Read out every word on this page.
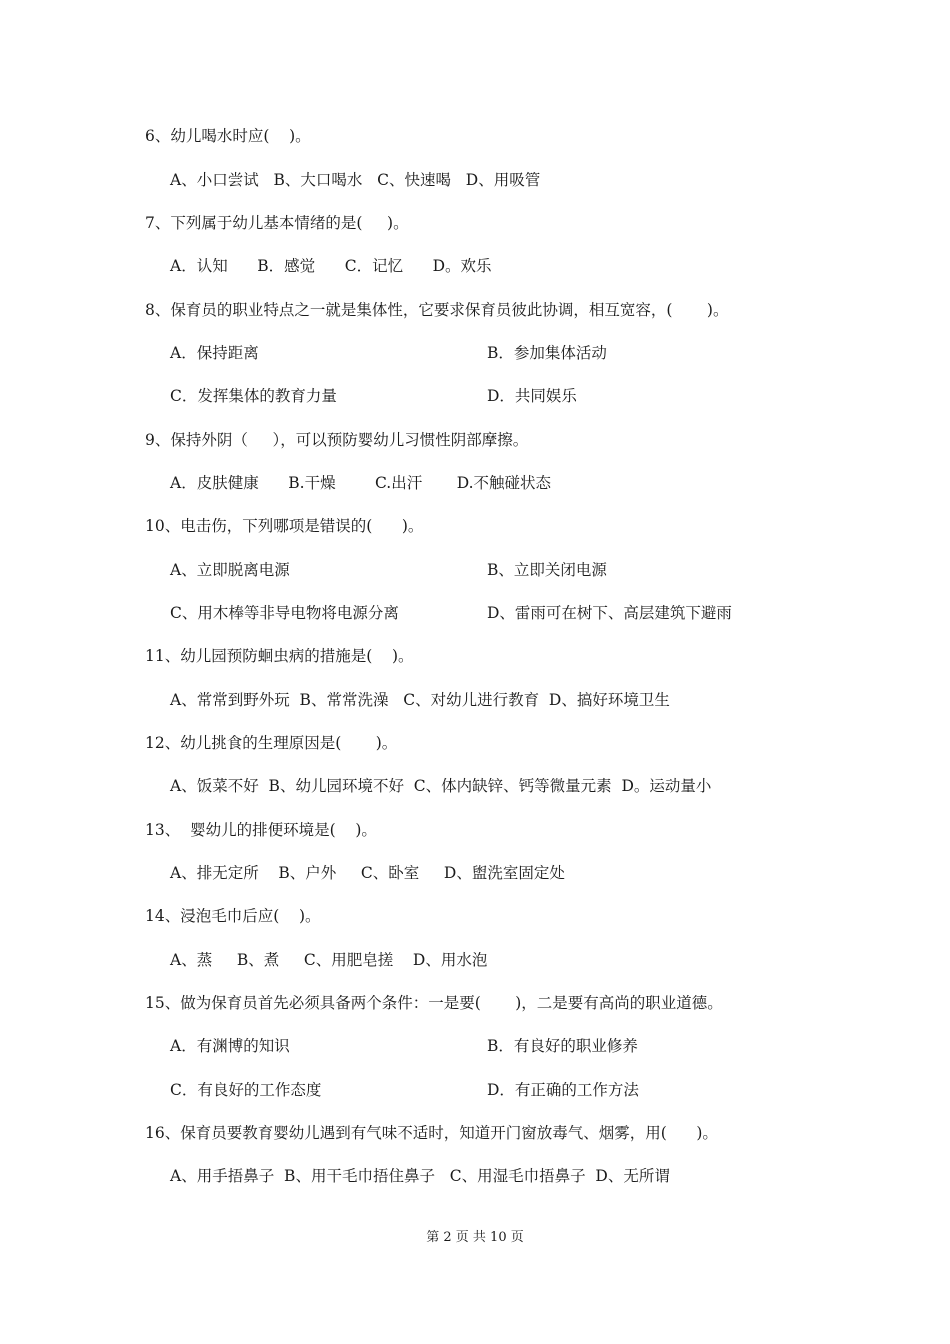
6、幼儿喝水时应(    )。
A、小口尝试   B、大口喝水   C、快速喝   D、用吸管
7、下列属于幼儿基本情绪的是(     )。
A．认知      B．感觉      C．记忆      D。欢乐
8、保育员的职业特点之一就是集体性，它要求保育员彼此协调，相互宽容，(       )。
A．保持距离	B．参加集体活动
C．发挥集体的教育力量	D．共同娱乐
9、保持外阴（     ），可以预防婴幼儿习惯性阴部摩擦。
A．皮肤健康      B.干燥        C.出汗       D.不触碰状态
10、电击伤，下列哪项是错误的(      )。
A、立即脱离电源	B、立即关闭电源
C、用木棒等非导电物将电源分离	D、雷雨可在树下、高层建筑下避雨
11、幼儿园预防蛔虫病的措施是(    )。
A、常常到野外玩  B、常常洗澡   C、对幼儿进行教育  D、搞好环境卫生
12、幼儿挑食的生理原因是(       )。
A、饭菜不好  B、幼儿园环境不好  C、体内缺锌、钙等微量元素  D。运动量小
13、  婴幼儿的排便环境是(    )。
A、排无定所    B、户外     C、卧室     D、盥洗室固定处
14、浸泡毛巾后应(    )。
A、蒸     B、煮     C、用肥皂搓    D、用水泡
15、做为保育员首先必须具备两个条件：一是要(       )，二是要有高尚的职业道德。
A．有渊博的知识	B．有良好的职业修养
C．有良好的工作态度	D．有正确的工作方法
16、保育员要教育婴幼儿遇到有气味不适时，知道开门窗放毒气、烟雾，用(      )。
A、用手捂鼻子  B、用干毛巾捂住鼻子   C、用湿毛巾捂鼻子  D、无所谓
第 2 页 共 10 页
